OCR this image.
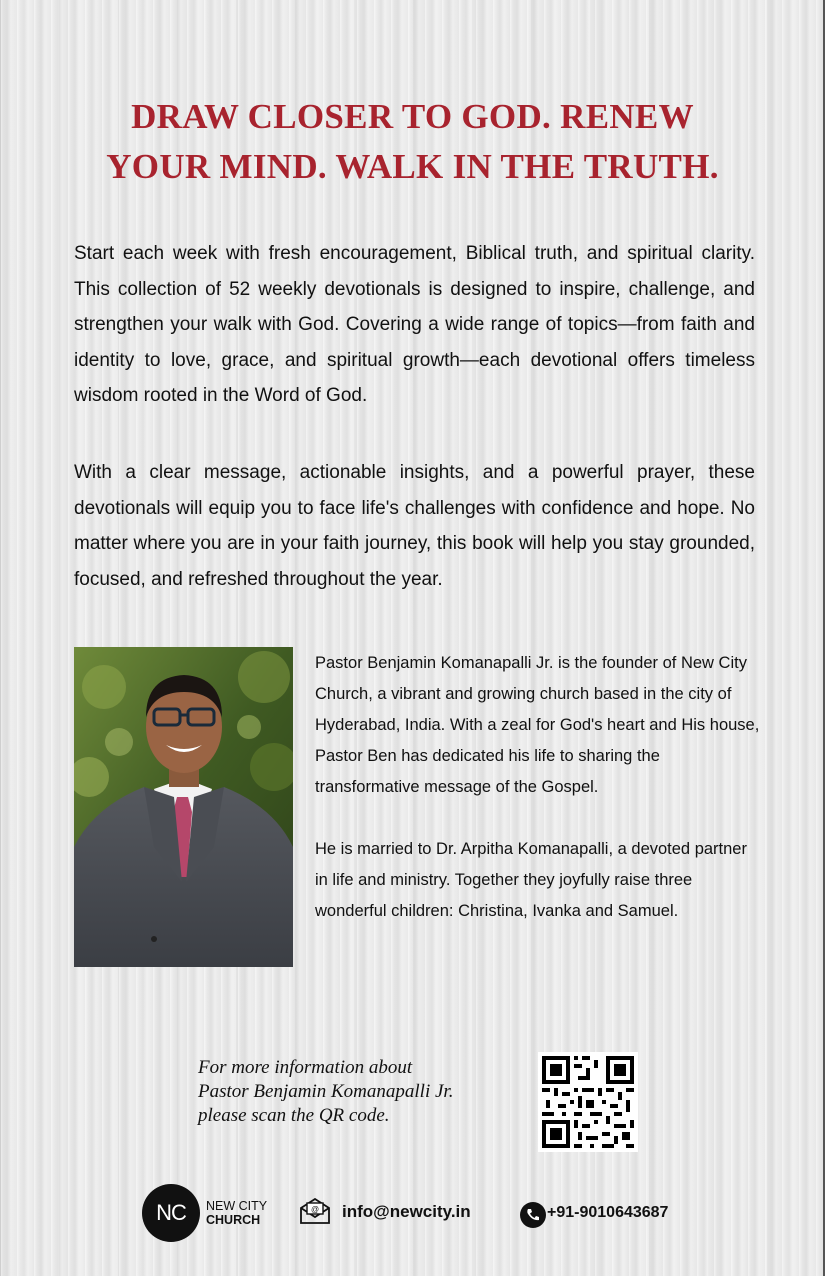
DRAW CLOSER TO GOD. RENEW
YOUR MIND. WALK IN THE TRUTH.
Start each week with fresh encouragement, Biblical truth, and spiritual clarity. This collection of 52 weekly devotionals is designed to inspire, challenge, and strengthen your walk with God. Covering a wide range of topics—from faith and identity to love, grace, and spiritual growth—each devotional offers timeless wisdom rooted in the Word of God.
With a clear message, actionable insights, and a powerful prayer, these devotionals will equip you to face life's challenges with confidence and hope. No matter where you are in your faith journey, this book will help you stay grounded, focused, and refreshed throughout the year.
Pastor Benjamin Komanapalli Jr. is the founder of New City Church, a vibrant and growing church based in the city of Hyderabad, India. With a zeal for God's heart and His house, Pastor Ben has dedicated his life to sharing the transformative message of the Gospel.
He is married to Dr. Arpitha Komanapalli, a devoted partner in life and ministry. Together they joyfully raise three wonderful children: Christina, Ivanka and Samuel.
For more information about
Pastor Benjamin Komanapalli Jr.
please scan the QR code.
NC NEW CITY
CHURCH
@ info@newcity.in	+91-9010643687
